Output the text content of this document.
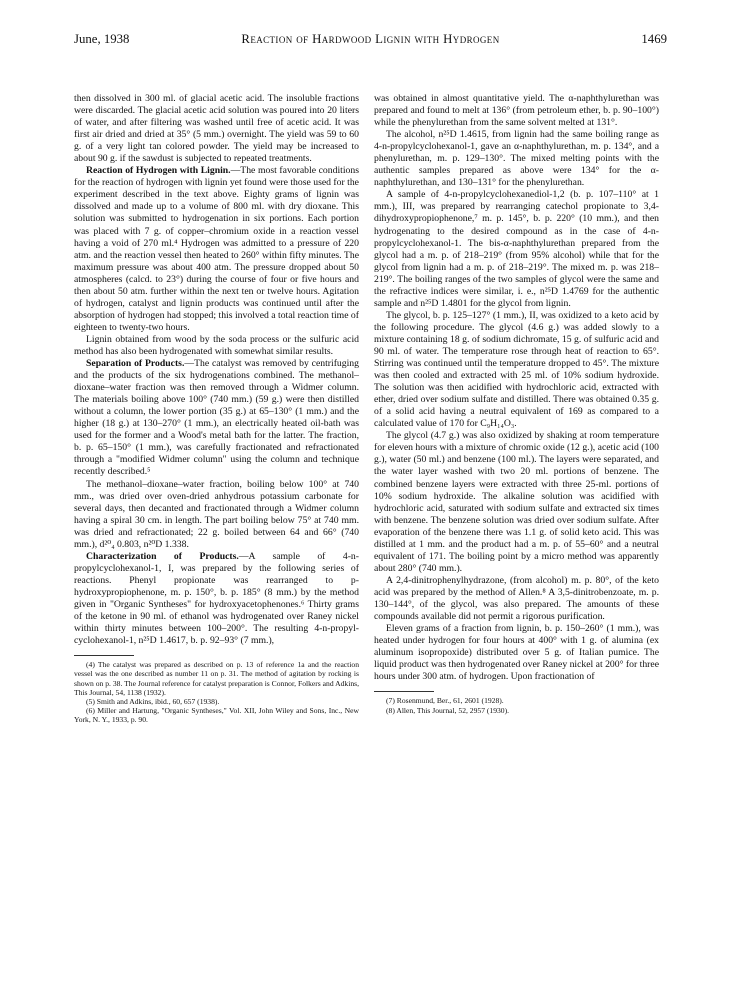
June, 1938	Reaction of Hardwood Lignin with Hydrogen	1469

then dissolved in 300 ml. of glacial acetic acid. The insoluble fractions were discarded. The glacial acetic acid solution was poured into 20 liters of water, and after filtering was washed until free of acetic acid. It was first air dried and dried at 35° (5 mm.) overnight. The yield was 59 to 60 g. of a very light tan colored powder. The yield may be increased to about 90 g. if the sawdust is subjected to repeated treatments.

Reaction of Hydrogen with Lignin.—The most favorable conditions for the reaction of hydrogen with lignin yet found were those used for the experiment described in the text above. Eighty grams of lignin was dissolved and made up to a volume of 800 ml. with dry dioxane. This solution was submitted to hydrogenation in six portions. Each portion was placed with 7 g. of copper–chromium oxide in a reaction vessel having a void of 270 ml.⁴ Hydrogen was admitted to a pressure of 220 atm. and the reaction vessel then heated to 260° within fifty minutes. The maximum pressure was about 400 atm. The pressure dropped about 50 atmospheres (calcd. to 23°) during the course of four or five hours and then about 50 atm. further within the next ten or twelve hours. Agitation of hydrogen, catalyst and lignin products was continued until after the absorption of hydrogen had stopped; this involved a total reaction time of eighteen to twenty-two hours.

Lignin obtained from wood by the soda process or the sulfuric acid method has also been hydrogenated with somewhat similar results.

Separation of Products.—The catalyst was removed by centrifuging and the products of the six hydrogenations combined. The methanol–dioxane–water fraction was then removed through a Widmer column. The materials boiling above 100° (740 mm.) (59 g.) were then distilled without a column, the lower portion (35 g.) at 65–130° (1 mm.) and the higher (18 g.) at 130–270° (1 mm.), an electrically heated oil-bath was used for the former and a Wood's metal bath for the latter. The fraction, b. p. 65–150° (1 mm.), was carefully fractionated and refractionated through a "modified Widmer column" using the column and technique recently described.⁵

The methanol–dioxane–water fraction, boiling below 100° at 740 mm., was dried over oven-dried anhydrous potassium carbonate for several days, then decanted and fractionated through a Widmer column having a spiral 30 cm. in length. The part boiling below 75° at 740 mm. was dried and refractionated; 22 g. boiled between 64 and 66° (740 mm.), d²⁰₄ 0.803, n²⁰D 1.338.

Characterization of Products.—A sample of 4-n-propylcyclohexanol-1, I, was prepared by the following series of reactions. Phenyl propionate was rearranged to p-hydroxypropiophenone, m. p. 150°, b. p. 185° (8 mm.) by the method given in "Organic Syntheses" for hydroxyacetophenones.⁶ Thirty grams of the ketone in 90 ml. of ethanol was hydrogenated over Raney nickel within thirty minutes between 100–200°. The resulting 4-n-propyl-cyclohexanol-1, n²⁵D 1.4617, b. p. 92–93° (7 mm.),

(4) The catalyst was prepared as described on p. 13 of reference 1a and the reaction vessel was the one described as number 11 on p. 31. The method of agitation by rocking is shown on p. 38. The Journal reference for catalyst preparation is Connor, Folkers and Adkins, This Journal, 54, 1138 (1932).

(5) Smith and Adkins, ibid., 60, 657 (1938).

(6) Miller and Hartung, "Organic Syntheses," Vol. XII, John Wiley and Sons, Inc., New York, N. Y., 1933, p. 90.

was obtained in almost quantitative yield. The α-naphthylurethan was prepared and found to melt at 136° (from petroleum ether, b. p. 90–100°) while the phenylurethan from the same solvent melted at 131°.

The alcohol, n²⁵D 1.4615, from lignin had the same boiling range as 4-n-propylcyclohexanol-1, gave an α-naphthylurethan, m. p. 134°, and a phenylurethan, m. p. 129–130°. The mixed melting points with the authentic samples prepared as above were 134° for the α-naphthylurethan, and 130–131° for the phenylurethan.

A sample of 4-n-propylcyclohexanediol-1,2 (b. p. 107–110° at 1 mm.), III, was prepared by rearranging catechol propionate to 3,4-dihydroxypropiophenone,⁷ m. p. 145°, b. p. 220° (10 mm.), and then hydrogenating to the desired compound as in the case of 4-n-propylcyclohexanol-1. The bis-α-naphthylurethan prepared from the glycol had a m. p. of 218–219° (from 95% alcohol) while that for the glycol from lignin had a m. p. of 218–219°. The mixed m. p. was 218–219°. The boiling ranges of the two samples of glycol were the same and the refractive indices were similar, i. e., n²⁵D 1.4769 for the authentic sample and n²⁵D 1.4801 for the glycol from lignin.

The glycol, b. p. 125–127° (1 mm.), II, was oxidized to a keto acid by the following procedure. The glycol (4.6 g.) was added slowly to a mixture containing 18 g. of sodium dichromate, 15 g. of sulfuric acid and 90 ml. of water. The temperature rose through heat of reaction to 65°. Stirring was continued until the temperature dropped to 45°. The mixture was then cooled and extracted with 25 ml. of 10% sodium hydroxide. The solution was then acidified with hydrochloric acid, extracted with ether, dried over sodium sulfate and distilled. There was obtained 0.35 g. of a solid acid having a neutral equivalent of 169 as compared to a calculated value of 170 for C₉H₁₄O₃.

The glycol (4.7 g.) was also oxidized by shaking at room temperature for eleven hours with a mixture of chromic oxide (12 g.), acetic acid (100 g.), water (50 ml.) and benzene (100 ml.). The layers were separated, and the water layer washed with two 20 ml. portions of benzene. The combined benzene layers were extracted with three 25-ml. portions of 10% sodium hydroxide. The alkaline solution was acidified with hydrochloric acid, saturated with sodium sulfate and extracted six times with benzene. The benzene solution was dried over sodium sulfate. After evaporation of the benzene there was 1.1 g. of solid keto acid. This was distilled at 1 mm. and the product had a m. p. of 55–60° and a neutral equivalent of 171. The boiling point by a micro method was apparently about 280° (740 mm.).

A 2,4-dinitrophenylhydrazone, (from alcohol) m. p. 80°, of the keto acid was prepared by the method of Allen.⁸ A 3,5-dinitrobenzoate, m. p. 130–144°, of the glycol, was also prepared. The amounts of these compounds available did not permit a rigorous purification.

Eleven grams of a fraction from lignin, b. p. 150–260° (1 mm.), was heated under hydrogen for four hours at 400° with 1 g. of alumina (ex aluminum isopropoxide) distributed over 5 g. of Italian pumice. The liquid product was then hydrogenated over Raney nickel at 200° for three hours under 300 atm. of hydrogen. Upon fractionation of

(7) Rosenmund, Ber., 61, 2601 (1928).

(8) Allen, This Journal, 52, 2957 (1930).
